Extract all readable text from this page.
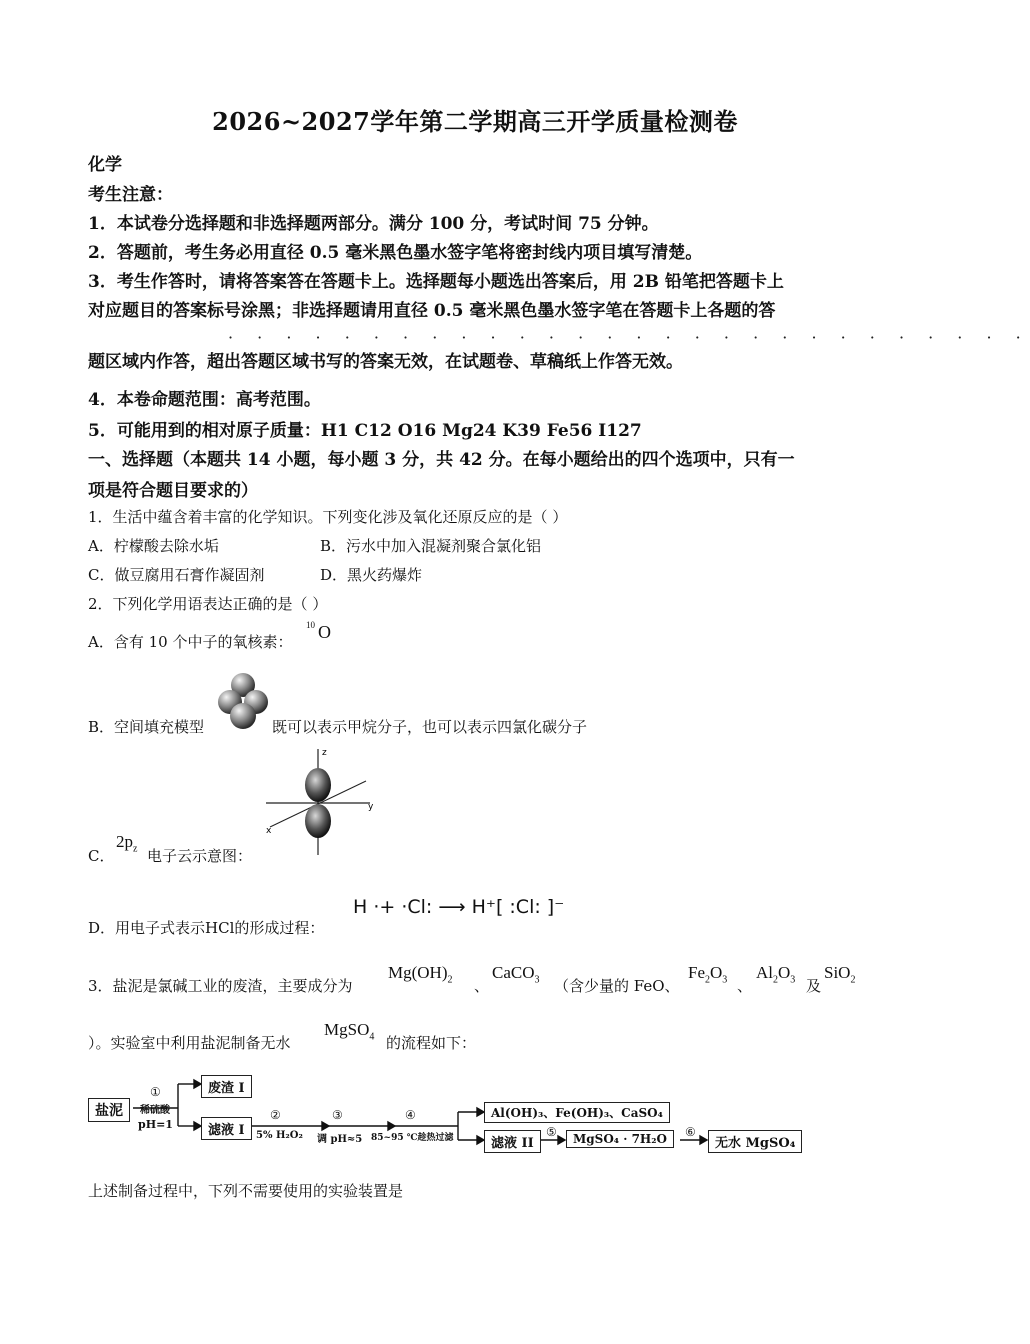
2026~2027学年第二学期高三开学质量检测卷
化学
考生注意：
1．本试卷分选择题和非选择题两部分。满分 100 分，考试时间 75 分钟。
2．答题前，考生务必用直径 0.5 毫米黑色墨水签字笔将密封线内项目填写清楚。
3．考生作答时，请将答案答在答题卡上。选择题每小题选出答案后，用 2B 铅笔把答题卡上
对应题目的答案标号涂黑；非选择题请用直径 0.5 毫米黑色墨水签字笔在答题卡上各题的答
· · · · · · · · · · · · · · · · · · · · · · · · · · · ·
题区域内作答，超出答题区域书写的答案无效，在试题卷、草稿纸上作答无效。
4．本卷命题范围：高考范围。
5．可能用到的相对原子质量：H1 C12 O16 Mg24 K39 Fe56 I127
一、选择题（本题共 14 小题，每小题 3 分，共 42 分。在每小题给出的四个选项中，只有一
项是符合题目要求的）
1．生活中蕴含着丰富的化学知识。下列变化涉及氧化还原反应的是（ ）
A．柠檬酸去除水垢	B．污水中加入混凝剂聚合氯化铝
C．做豆腐用石膏作凝固剂	D．黑火药爆炸
2．下列化学用语表达正确的是（ ）
A．含有 10 个中子的氧核素：
10 O
B．空间填充模型	既可以表示甲烷分子，也可以表示四氯化碳分子
z
y
x
C．
$2p_z$ 电子云示意图：
D．用电子式表示HCl的形成过程：
H ·+ ·Cl: ⟶ H⁺[ :Cl: ]⁻
3．盐泥是氯碱工业的废渣，主要成分为
$Mg(OH)_2$ 、
CaCO$_3$ （含少量的 FeO、
$Fe_2O_3$ 、
$Al_2O_3$ 及
SiO$_2$
）。实验室中利用盐泥制备无水
MgSO$_4$ 的流程如下：
盐泥
①
稀硫酸
pH=1
废渣 I
滤液 I
②
5% H₂O₂
③
调 pH≈5
④
85~95 ℃趁热过滤
Al(OH)₃、Fe(OH)₃、CaSO₄
滤液 II
⑤	MgSO₄ · 7H₂O	⑥
无水 MgSO₄
上述制备过程中，下列不需要使用的实验装置是
